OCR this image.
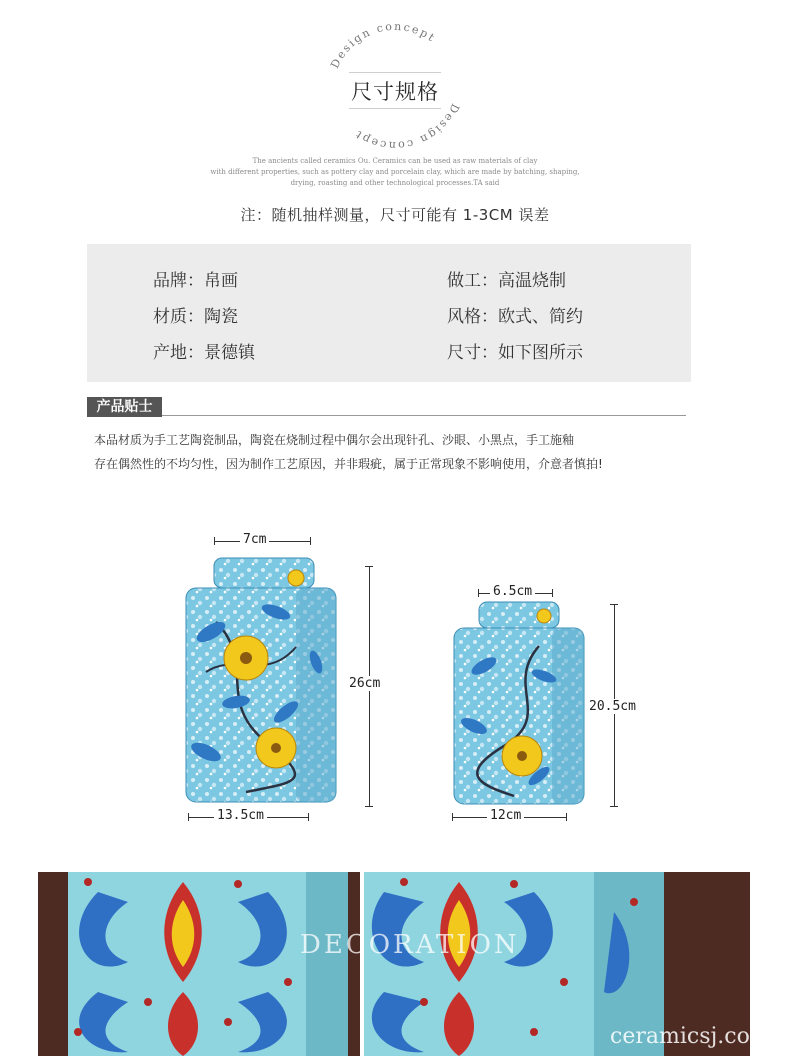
Design concept
Design concept
尺寸规格
The ancients called ceramics Ou. Ceramics can be used as raw materials of clay
with different properties, such as pottery clay and porcelain clay, which are made by batching, shaping,
drying, roasting and other technological processes.TA said
注：随机抽样测量，尺寸可能有 1-3CM 误差
品牌：帛画
材质：陶瓷
产地：景德镇
做工：高温烧制
风格：欧式、简约
尺寸：如下图所示
产品贴士
本品材质为手工艺陶瓷制品，陶瓷在烧制过程中偶尔会出现针孔、沙眼、小黑点，手工施釉
存在偶然性的不均匀性，因为制作工艺原因，并非瑕疵，属于正常现象不影响使用，介意者慎拍!
7cm
26cm
13.5cm
6.5cm
20.5cm
12cm
DECORATION
ceramicsj.com
